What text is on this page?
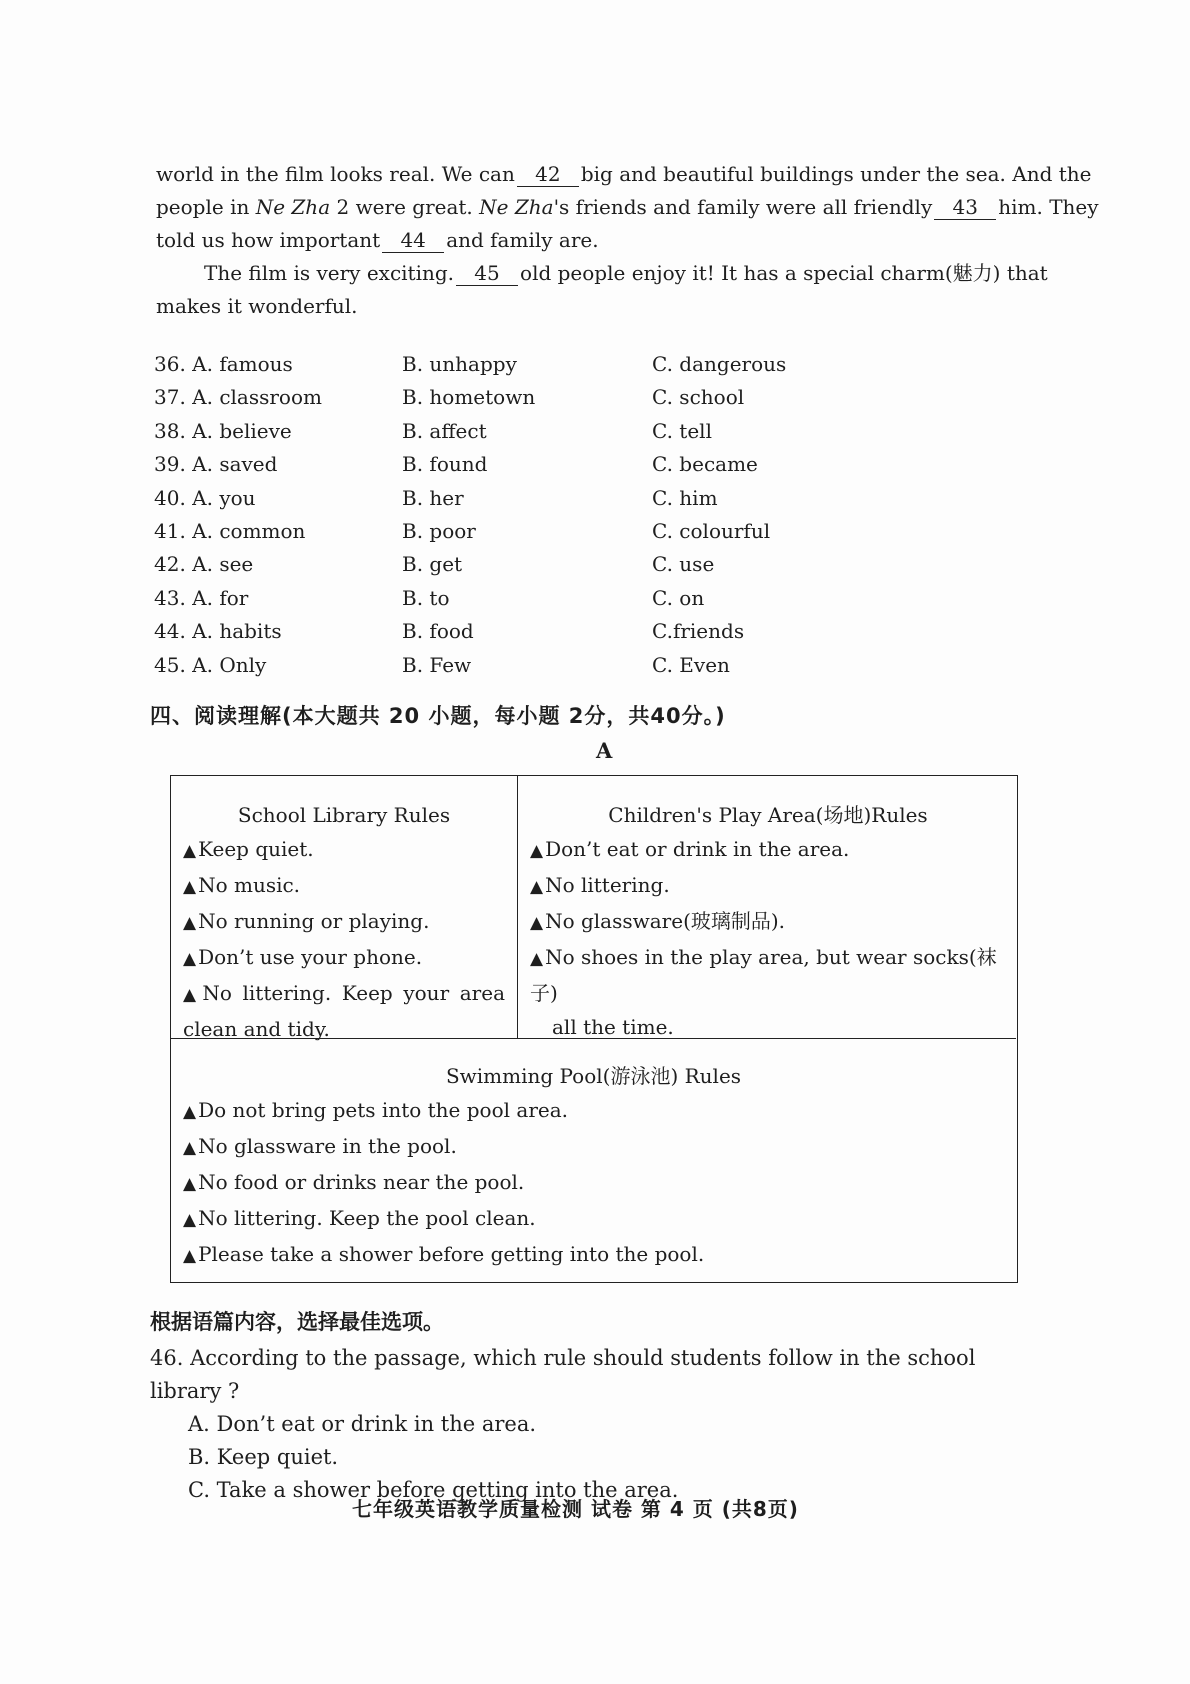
world in the film looks real. We can 42 big and beautiful buildings under the sea. And the
people in Ne Zha 2 were great. Ne Zha's friends and family were all friendly 43 him. They
told us how important 44 and family are.
The film is very exciting. 45 old people enjoy it! It has a special charm(魅力) that
makes it wonderful.
36. A. famous	B. unhappy	C. dangerous
37. A. classroom	B. hometown	C. school
38. A. believe	B. affect	C. tell
39. A. saved	B. found	C. became
40. A. you	B. her	C. him
41. A. common	B. poor	C. colourful
42. A. see	B. get	C. use
43. A. for	B. to	C. on
44. A. habits	B. food	C.friends
45. A. Only	B. Few	C. Even
四、阅读理解(本大题共 20 小题，每小题 2分，共40分。)
A
School Library Rules
▲ Keep quiet.
▲ No music.
▲ No running or playing.
▲ Don’t use your phone.
▲ No littering. Keep your area
clean and tidy.
Children's Play Area(场地)Rules
▲ Don’t eat or drink in the area.
▲ No littering.
▲ No glassware(玻璃制品).
▲ No shoes in the play area, but wear socks(袜子)
all the time.
Swimming Pool(游泳池) Rules
▲ Do not bring pets into the pool area.
▲ No glassware in the pool.
▲ No food or drinks near the pool.
▲ No littering. Keep the pool clean.
▲ Please take a shower before getting into the pool.
根据语篇内容，选择最佳选项。
46. According to the passage, which rule should students follow in the school library ?
A. Don’t eat or drink in the area.
B. Keep quiet.
C. Take a shower before getting into the area.
七年级英语教学质量检测 试卷 第 4 页 (共8页)
